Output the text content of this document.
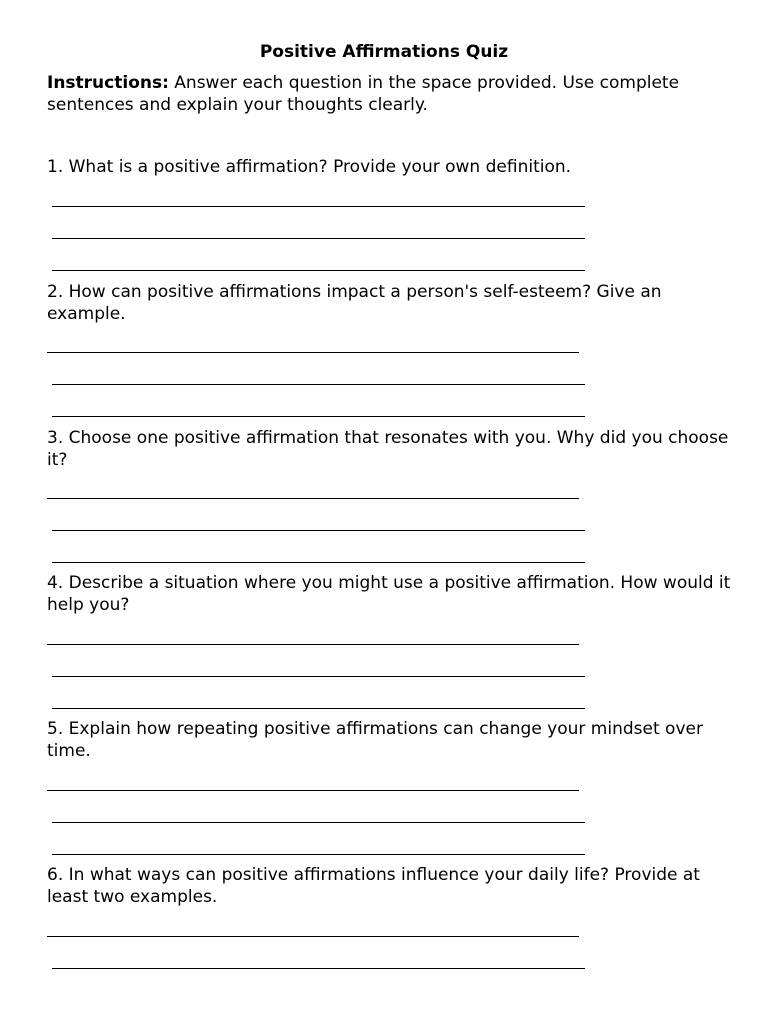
Positive Affirmations Quiz

Instructions: Answer each question in the space provided. Use complete sentences and explain your thoughts clearly.

1. What is a positive affirmation? Provide your own definition.

2. How can positive affirmations impact a person's self-esteem? Give an example.

3. Choose one positive affirmation that resonates with you. Why did you choose it?

4. Describe a situation where you might use a positive affirmation. How would it help you?

5. Explain how repeating positive affirmations can change your mindset over time.

6. In what ways can positive affirmations influence your daily life? Provide at least two examples.
